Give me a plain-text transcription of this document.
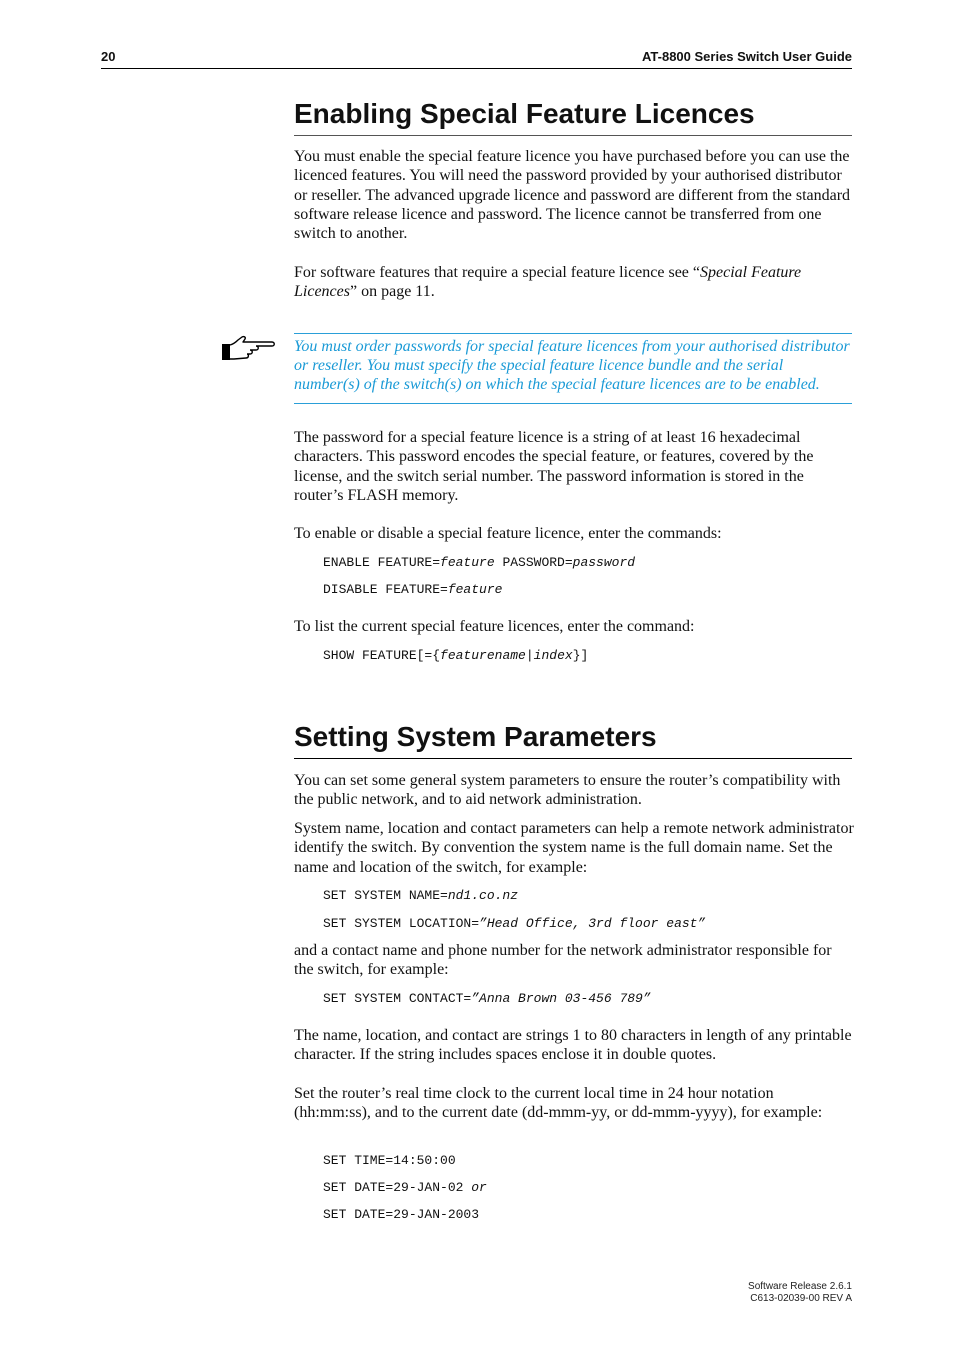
20	AT-8800 Series Switch User Guide
Enabling Special Feature Licences

You must enable the special feature licence you have purchased before you can use the licenced features. You will need the password provided by your authorised distributor or reseller. The advanced upgrade licence and password are different from the standard software release licence and password. The licence cannot be transferred from one switch to another.

For software features that require a special feature licence see “Special Feature Licences” on page 11.

You must order passwords for special feature licences from your authorised distributor or reseller. You must specify the special feature licence bundle and the serial number(s) of the switch(s) on which the special feature licences are to be enabled.

The password for a special feature licence is a string of at least 16 hexadecimal characters. This password encodes the special feature, or features, covered by the license, and the switch serial number. The password information is stored in the router’s FLASH memory.

To enable or disable a special feature licence, enter the commands:

ENABLE FEATURE=feature PASSWORD=password
DISABLE FEATURE=feature

To list the current special feature licences, enter the command:

SHOW FEATURE[={featurename|index}]
Setting System Parameters

You can set some general system parameters to ensure the router’s compatibility with the public network, and to aid network administration.

System name, location and contact parameters can help a remote network administrator identify the switch. By convention the system name is the full domain name. Set the name and location of the switch, for example:

SET SYSTEM NAME=nd1.co.nz
SET SYSTEM LOCATION=”Head Office, 3rd floor east”

and a contact name and phone number for the network administrator responsible for the switch, for example:

SET SYSTEM CONTACT=”Anna Brown 03-456 789”

The name, location, and contact are strings 1 to 80 characters in length of any printable character. If the string includes spaces enclose it in double quotes.

Set the router’s real time clock to the current local time in 24 hour notation (hh:mm:ss), and to the current date (dd-mmm-yy, or dd-mmm-yyyy), for example:

SET TIME=14:50:00
SET DATE=29-JAN-02 or
SET DATE=29-JAN-2003
Software Release 2.6.1
C613-02039-00 REV A
